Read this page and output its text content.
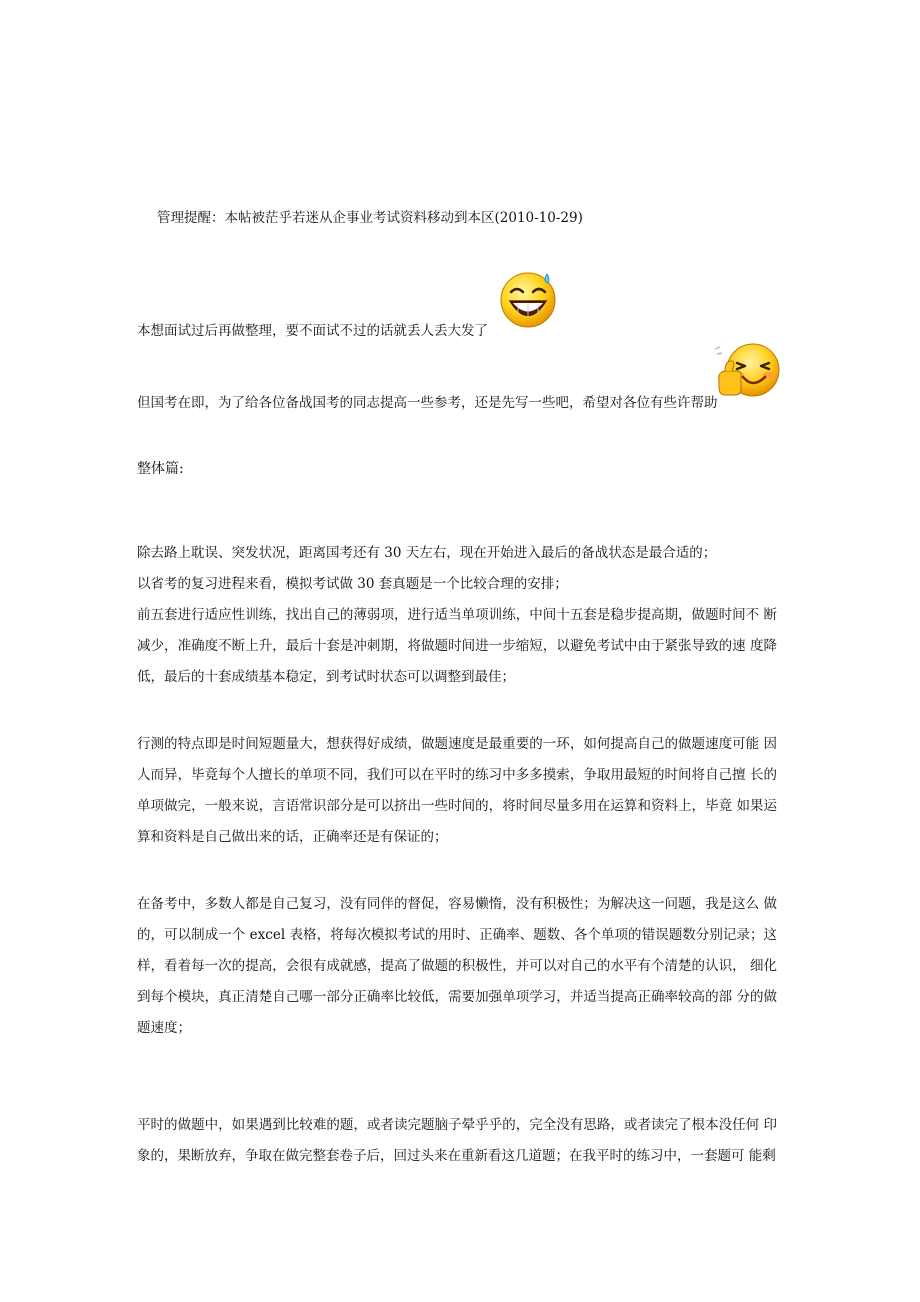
管理提醒：本帖被茫乎若迷从企事业考试资料移动到本区(2010-10-29)
本想面试过后再做整理，要不面试不过的话就丢人丢大发了
但国考在即，为了给各位备战国考的同志提高一些参考，还是先写一些吧，希望对各位有些许帮助
整体篇:

除去路上耽误、突发状况，距离国考还有 30 天左右，现在开始进入最后的备战状态是最合适的；

以省考的复习进程来看，模拟考试做 30 套真题是一个比较合理的安排；

前五套进行适应性训练，找出自己的薄弱项，进行适当单项训练，中间十五套是稳步提高期，做题时间不 断减少，准确度不断上升，最后十套是冲刺期，将做题时间进一步缩短，以避免考试中由于紧张导致的速 度降低，最后的十套成绩基本稳定，到考试时状态可以调整到最佳；

行测的特点即是时间短题量大，想获得好成绩，做题速度是最重要的一环，如何提高自己的做题速度可能 因人而异，毕竟每个人擅长的单项不同，我们可以在平时的练习中多多摸索，争取用最短的时间将自己擅 长的单项做完，一般来说，言语常识部分是可以挤出一些时间的，将时间尽量多用在运算和资料上，毕竟 如果运算和资料是自己做出来的话，正确率还是有保证的；

在备考中，多数人都是自己复习，没有同伴的督促，容易懒惰，没有积极性；为解决这一问题，我是这么 做的，可以制成一个 excel 表格，将每次模拟考试的用时、正确率、题数、各个单项的错误题数分别记录；这样，看着每一次的提高，会很有成就感，提高了做题的积极性，并可以对自己的水平有个清楚的认识， 细化到每个模块，真正清楚自己哪一部分正确率比较低，需要加强单项学习，并适当提高正确率较高的部 分的做题速度；

平时的做题中，如果遇到比较难的题，或者读完题脑子晕乎乎的，完全没有思路，或者读完了根本没任何 印象的，果断放弃，争取在做完整套卷子后，回过头来在重新看这几道题；在我平时的练习中，一套题可 能剩
